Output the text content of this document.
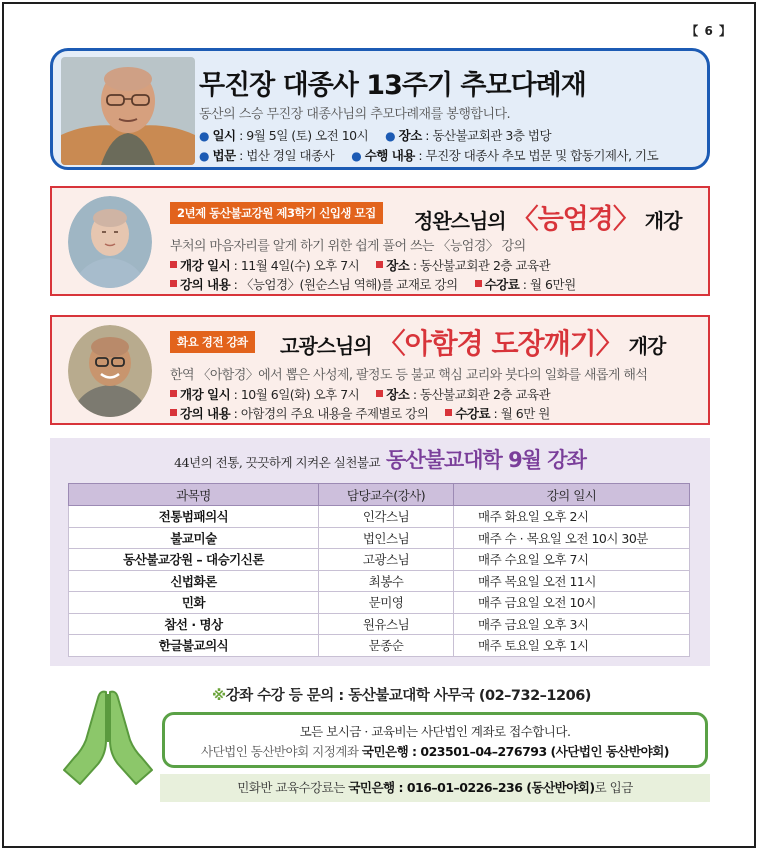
【 6 】
무진장 대종사 13주기 추모다례재
동산의 스승 무진장 대종사님의 추모다례재를 봉행합니다.
● 일시 : 9월 5일 (토) 오전 10시 ● 장소 : 동산불교회관 3층 법당
● 법문 : 법산 경일 대종사 ● 수행 내용 : 무진장 대종사 추모 법문 및 합동기제사, 기도
2년제 동산불교강원 제3학기 신입생 모집	정완스님의 〈능엄경〉 개강
부처의 마음자리를 알게 하기 위한 쉽게 풀어 쓰는 〈능엄경〉 강의
개강 일시 : 11월 4일(수) 오후 7시 장소 : 동산불교회관 2층 교육관
강의 내용 : 〈능엄경〉(원순스님 역해)를 교재로 강의 수강료 : 월 6만원
화요 경전 강좌	고광스님의 〈아함경 도장깨기〉 개강
한역 〈아함경〉에서 뽑은 사성제, 팔정도 등 불교 핵심 교리와 붓다의 일화를 새롭게 해석
개강 일시 : 10월 6일(화) 오후 7시 장소 : 동산불교회관 2층 교육관
강의 내용 : 아함경의 주요 내용을 주제별로 강의 수강료 : 월 6만 원
44년의 전통, 끗끗하게 지켜온 실천불교 동산불교대학 9월 강좌
과목명	담당교수(강사)	강의 일시
전통범패의식	인각스님	매주 화요일 오후 2시
불교미술	법인스님	매주 수 · 목요일 오전 10시 30분
동산불교강원 – 대승기신론	고광스님	매주 수요일 오후 7시
신법화론	최봉수	매주 목요일 오전 11시
민화	문미영	매주 금요일 오전 10시
참선 · 명상	원유스님	매주 금요일 오후 3시
한글불교의식	문종순	매주 토요일 오후 1시
※강좌 수강 등 문의 : 동산불교대학 사무국 (02–732–1206)
모든 보시금 · 교육비는 사단법인 계좌로 접수합니다.
사단법인 동산반야회 지정계좌 국민은행 : 023501–04–276793 (사단법인 동산반야회)
민화반 교육수강료는 국민은행 : 016–01–0226–236 (동산반야회)로 입금
